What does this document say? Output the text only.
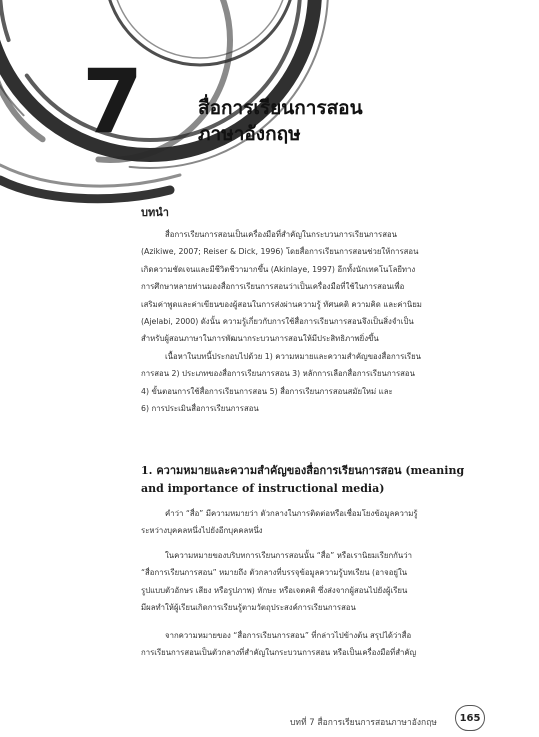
7	สื่อการเรียนการสอน
ภาษาอังกฤษ
บทนำ
สื่อการเรียนการสอนเป็นเครื่องมือที่สำคัญในกระบวนการเรียนการสอน
(Azikiwe, 2007; Reiser & Dick, 1996) โดยสื่อการเรียนการสอนช่วยให้การสอน
เกิดความชัดเจนและมีชีวิตชีวามากขึ้น (Akinlaye, 1997) อีกทั้งนักเทคโนโลยีทาง
การศึกษาหลายท่านมองสื่อการเรียนการสอนว่าเป็นเครื่องมือที่ใช้ในการสอนเพื่อ
เสริมค่าพูดและค่าเขียนของผู้สอนในการส่งผ่านความรู้ ทัศนคติ ความคิด และค่านิยม
(Ajelabi, 2000) ดังนั้น ความรู้เกี่ยวกับการใช้สื่อการเรียนการสอนจึงเป็นสิ่งจำเป็น
สำหรับผู้สอนภาษาในการพัฒนากระบวนการสอนให้มีประสิทธิภาพยิ่งขึ้น
เนื้อหาในบทนี้ประกอบไปด้วย 1) ความหมายและความสำคัญของสื่อการเรียน
การสอน 2) ประเภทของสื่อการเรียนการสอน 3) หลักการเลือกสื่อการเรียนการสอน
4) ขั้นตอนการใช้สื่อการเรียนการสอน 5) สื่อการเรียนการสอนสมัยใหม่ และ
6) การประเมินสื่อการเรียนการสอน
1. ความหมายและความสำคัญของสื่อการเรียนการสอน (meaning
and importance of instructional media)
คำว่า “สื่อ” มีความหมายว่า ตัวกลางในการติดต่อหรือเชื่อมโยงข้อมูลความรู้
ระหว่างบุคคลหนึ่งไปยังอีกบุคคลหนึ่ง
ในความหมายของบริบทการเรียนการสอนนั้น “สื่อ” หรือเรานิยมเรียกกันว่า
“สื่อการเรียนการสอน” หมายถึง ตัวกลางที่บรรจุข้อมูลความรู้บทเรียน (อาจอยู่ใน
รูปแบบตัวอักษร เสียง หรือรูปภาพ) ทักษะ หรือเจตคติ ซึ่งส่งจากผู้สอนไปยังผู้เรียน
มีผลทำให้ผู้เรียนเกิดการเรียนรู้ตามวัตถุประสงค์การเรียนการสอน
จากความหมายของ “สื่อการเรียนการสอน” ที่กล่าวไปข้างต้น สรุปได้ว่าสื่อ
การเรียนการสอนเป็นตัวกลางที่สำคัญในกระบวนการสอน หรือเป็นเครื่องมือที่สำคัญ
บทที่ 7 สื่อการเรียนการสอนภาษาอังกฤษ	165
